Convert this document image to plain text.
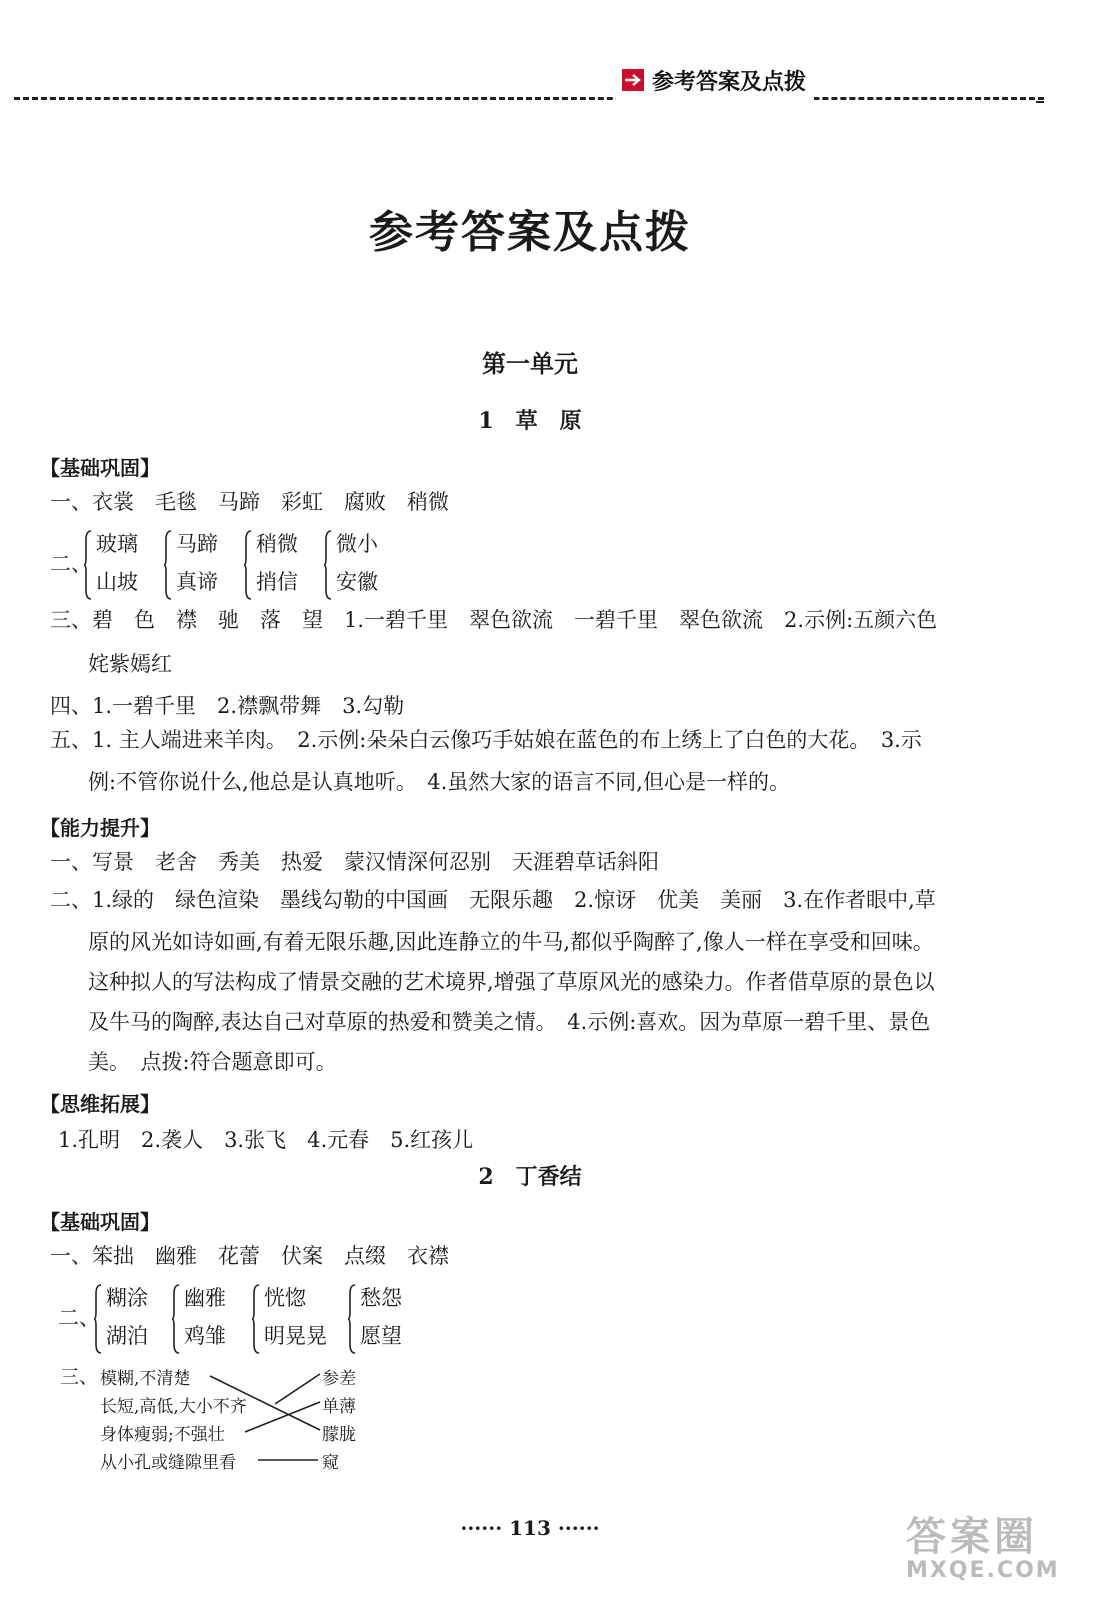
参考答案及点拨
参考答案及点拨
第一单元
1　草　原
【基础巩固】
一、衣裳　毛毯　马蹄　彩虹　腐败　稍微
二、
玻璃
山坡
马蹄
真谛
稍微
捎信
微小
安徽
三、碧　色　襟　驰　落　望　1.一碧千里　翠色欲流　一碧千里　翠色欲流　2.示例:五颜六色
姹紫嫣红
四、1.一碧千里　2.襟飘带舞　3.勾勒
五、1. 主人端进来羊肉。　2.示例:朵朵白云像巧手姑娘在蓝色的布上绣上了白色的大花。　3.示
例:不管你说什么,他总是认真地听。　4.虽然大家的语言不同,但心是一样的。
【能力提升】
一、写景　老舍　秀美　热爱　蒙汉情深何忍别　天涯碧草话斜阳
二、1.绿的　绿色渲染　墨线勾勒的中国画　无限乐趣　2.惊讶　优美　美丽　3.在作者眼中,草
原的风光如诗如画,有着无限乐趣,因此连静立的牛马,都似乎陶醉了,像人一样在享受和回味。
这种拟人的写法构成了情景交融的艺术境界,增强了草原风光的感染力。作者借草原的景色以
及牛马的陶醉,表达自己对草原的热爱和赞美之情。　4.示例:喜欢。因为草原一碧千里、景色
美。　点拨:符合题意即可。
【思维拓展】
1.孔明　2.袭人　3.张飞　4.元春　5.红孩儿
2　丁香结
【基础巩固】
一、笨拙　幽雅　花蕾　伏案　点缀　衣襟
二、
糊涂
湖泊
幽雅
鸡雏
恍惚
明晃晃
愁怨
愿望
三、 模糊,不清楚
长短,高低,大小不齐
身体瘦弱;不强壮
从小孔或缝隙里看
参差
单薄
朦胧
窥
······ 113 ······	答案圈
MXQE.COM
